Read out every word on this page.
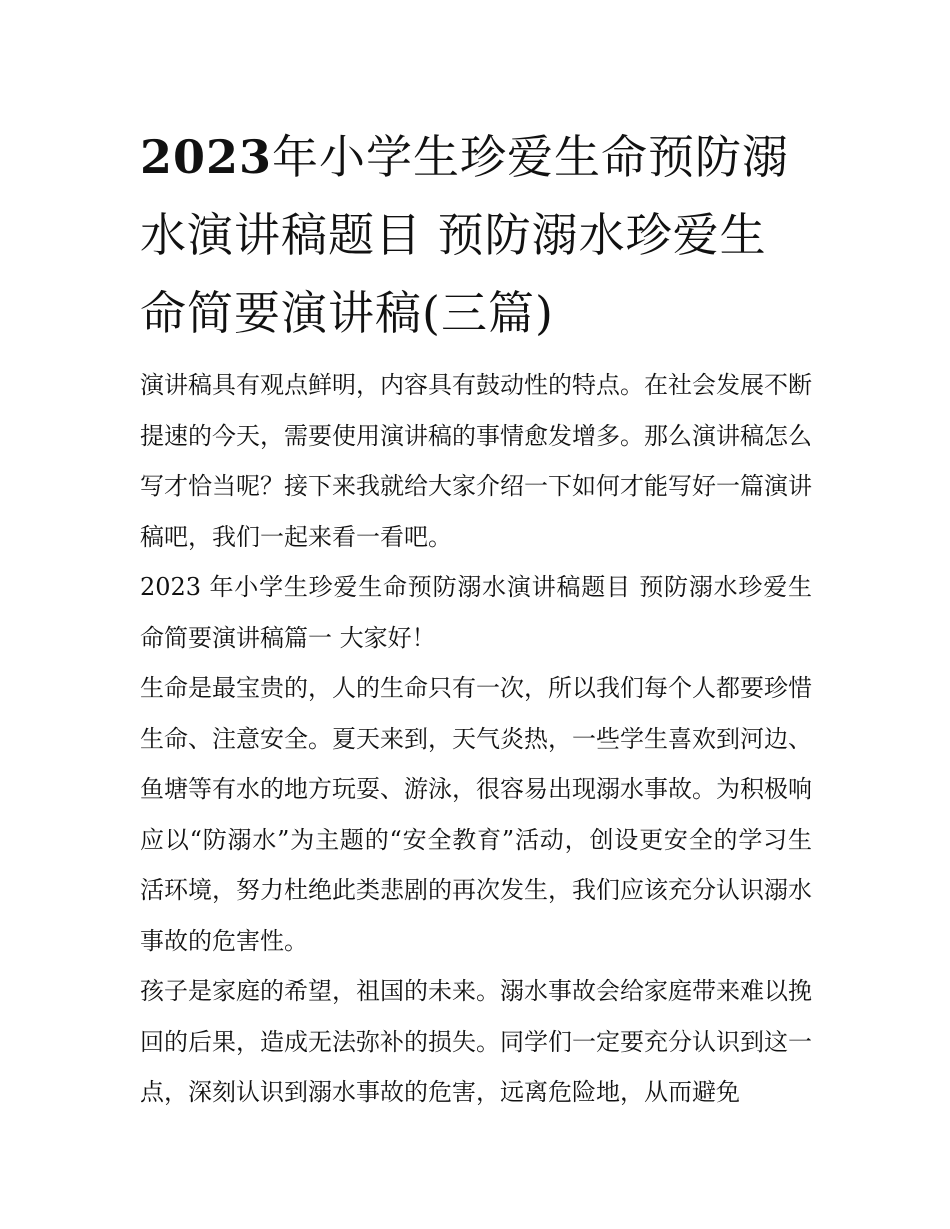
2023年小学生珍爱生命预防溺水演讲稿题目 预防溺水珍爱生命简要演讲稿(三篇)

演讲稿具有观点鲜明，内容具有鼓动性的特点。在社会发展不断提速的今天，需要使用演讲稿的事情愈发增多。那么演讲稿怎么写才恰当呢？接下来我就给大家介绍一下如何才能写好一篇演讲稿吧，我们一起来看一看吧。

2023 年小学生珍爱生命预防溺水演讲稿题目 预防溺水珍爱生命简要演讲稿篇一 大家好！

生命是最宝贵的，人的生命只有一次，所以我们每个人都要珍惜生命、注意安全。夏天来到，天气炎热，一些学生喜欢到河边、鱼塘等有水的地方玩耍、游泳，很容易出现溺水事故。为积极响应以“防溺水”为主题的“安全教育”活动，创设更安全的学习生活环境，努力杜绝此类悲剧的再次发生，我们应该充分认识溺水事故的危害性。

孩子是家庭的希望，祖国的未来。溺水事故会给家庭带来难以挽回的后果，造成无法弥补的损失。同学们一定要充分认识到这一点，深刻认识到溺水事故的危害，远离危险地，从而避免
